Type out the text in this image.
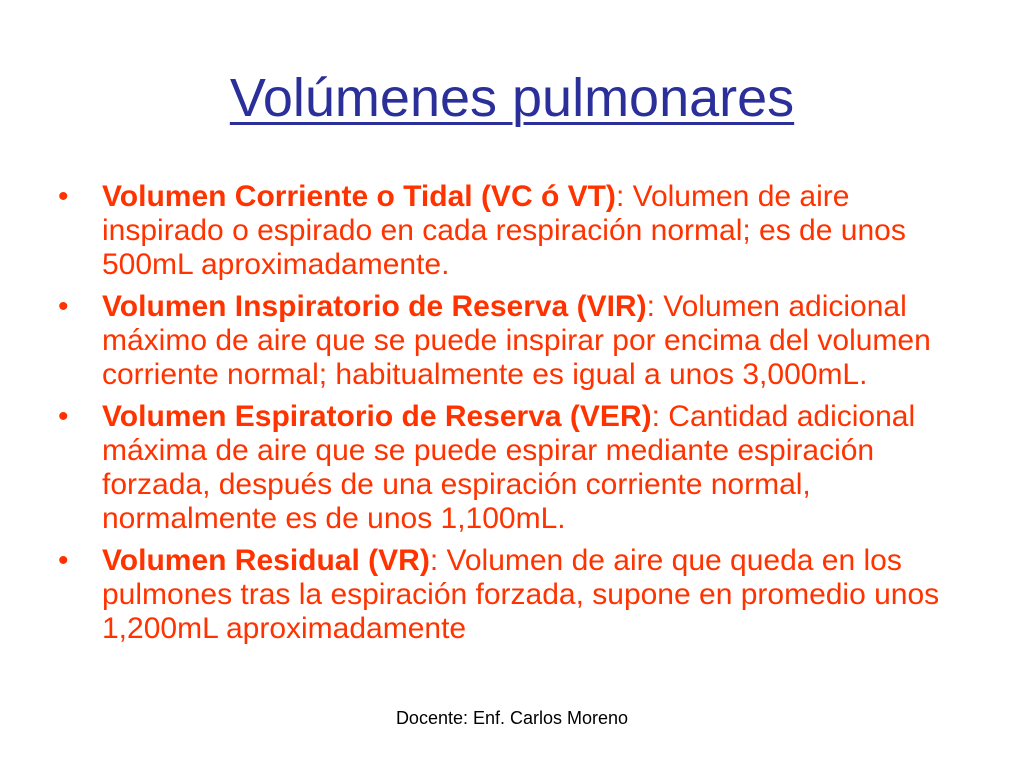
Volúmenes pulmonares
• Volumen Corriente o Tidal (VC ó VT): Volumen de aire inspirado o espirado en cada respiración normal; es de unos 500mL aproximadamente.
• Volumen Inspiratorio de Reserva (VIR): Volumen adicional máximo de aire que se puede inspirar por encima del volumen corriente normal; habitualmente es igual a unos 3,000mL.
• Volumen Espiratorio de Reserva (VER): Cantidad adicional máxima de aire que se puede espirar mediante espiración forzada, después de una espiración corriente normal, normalmente es de unos 1,100mL.
• Volumen Residual (VR): Volumen de aire que queda en los pulmones tras la espiración forzada, supone en promedio unos 1,200mL aproximadamente
Docente: Enf. Carlos Moreno
